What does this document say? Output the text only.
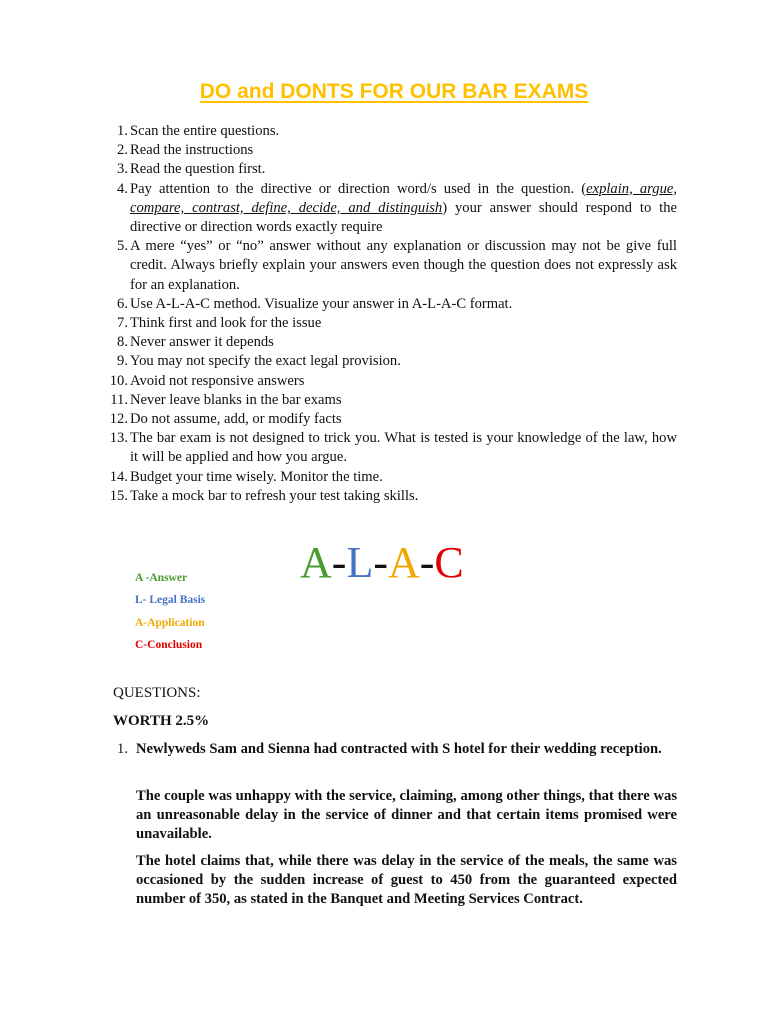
DO and DONTS FOR OUR BAR EXAMS
1. Scan the entire questions.
2. Read the instructions
3. Read the question first.
4. Pay attention to the directive or direction word/s used in the question. (explain, argue, compare, contrast, define, decide, and distinguish) your answer should respond to the directive or direction words exactly require
5. A mere “yes” or “no” answer without any explanation or discussion may not be give full credit. Always briefly explain your answers even though the question does not expressly ask for an explanation.
6. Use A-L-A-C method. Visualize your answer in A-L-A-C format.
7. Think first and look for the issue
8. Never answer it depends
9. You may not specify the exact legal provision.
10. Avoid not responsive answers
11. Never leave blanks in the bar exams
12. Do not assume, add, or modify facts
13. The bar exam is not designed to trick you. What is tested is your knowledge of the law, how it will be applied and how you argue.
14. Budget your time wisely. Monitor the time.
15. Take a mock bar to refresh your test taking skills.
A-L-A-C
A -Answer
L- Legal Basis
A-Application
C-Conclusion
QUESTIONS:
WORTH 2.5%
1. Newlyweds Sam and Sienna had contracted with S hotel for their wedding reception.
The couple was unhappy with the service, claiming, among other things, that there was an unreasonable delay in the service of dinner and that certain items promised were unavailable.
The hotel claims that, while there was delay in the service of the meals, the same was occasioned by the sudden increase of guest to 450 from the guaranteed expected number of 350, as stated in the Banquet and Meeting Services Contract.
